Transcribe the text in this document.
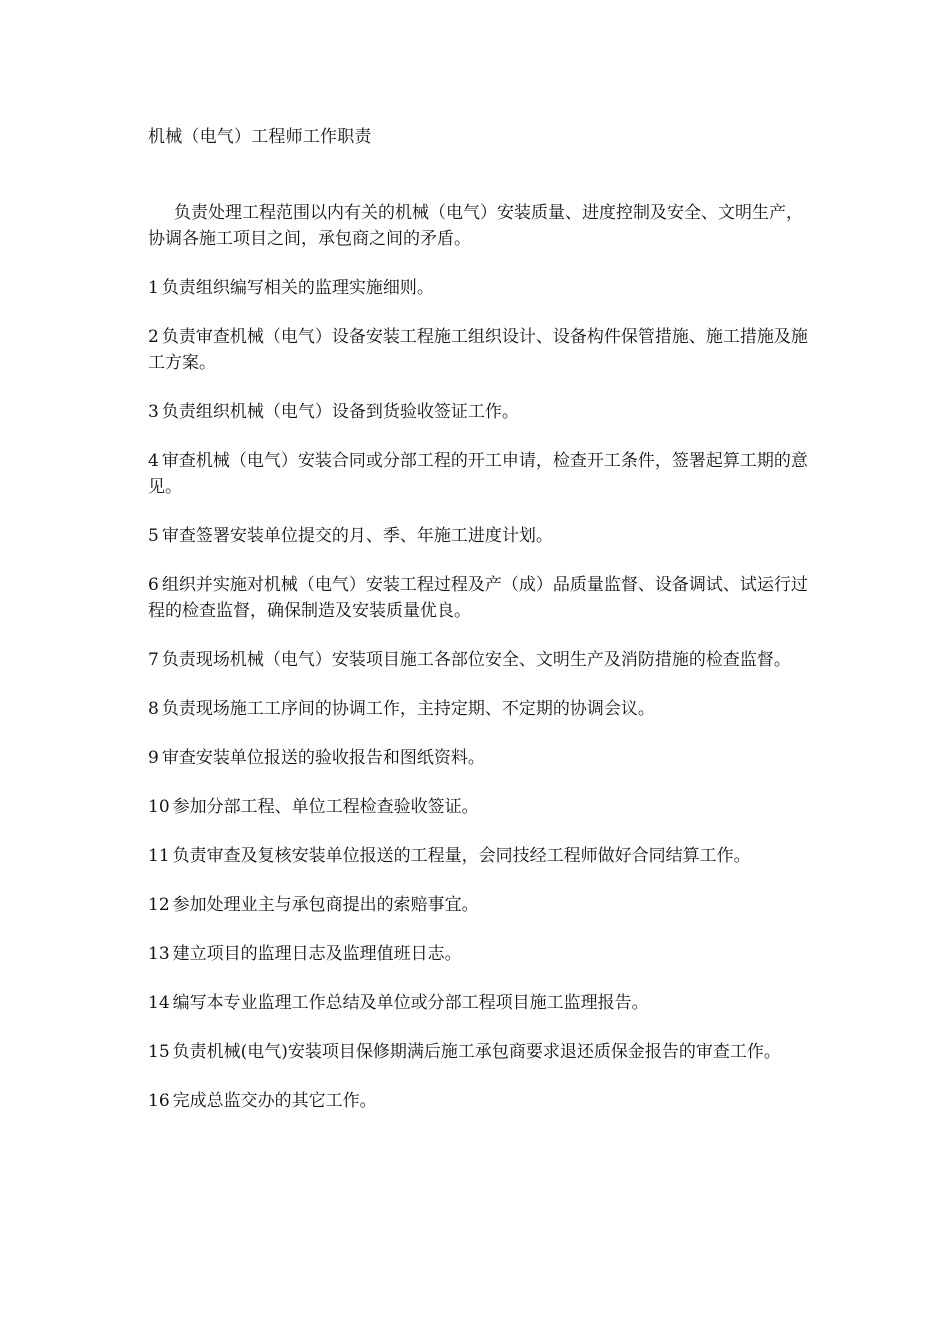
机械（电气）工程师工作职责

负责处理工程范围以内有关的机械（电气）安装质量、进度控制及安全、文明生产，协调各施工项目之间，承包商之间的矛盾。

1 负责组织编写相关的监理实施细则。
2 负责审查机械（电气）设备安装工程施工组织设计、设备构件保管措施、施工措施及施工方案。
3 负责组织机械（电气）设备到货验收签证工作。
4 审查机械（电气）安装合同或分部工程的开工申请，检查开工条件，签署起算工期的意见。
5 审查签署安装单位提交的月、季、年施工进度计划。
6 组织并实施对机械（电气）安装工程过程及产（成）品质量监督、设备调试、试运行过程的检查监督，确保制造及安装质量优良。
7 负责现场机械（电气）安装项目施工各部位安全、文明生产及消防措施的检查监督。
8 负责现场施工工序间的协调工作，主持定期、不定期的协调会议。
9 审查安装单位报送的验收报告和图纸资料。
10 参加分部工程、单位工程检查验收签证。
11 负责审查及复核安装单位报送的工程量，会同技经工程师做好合同结算工作。
12 参加处理业主与承包商提出的索赔事宜。
13 建立项目的监理日志及监理值班日志。
14 编写本专业监理工作总结及单位或分部工程项目施工监理报告。
15 负责机械(电气)安装项目保修期满后施工承包商要求退还质保金报告的审查工作。
16 完成总监交办的其它工作。
